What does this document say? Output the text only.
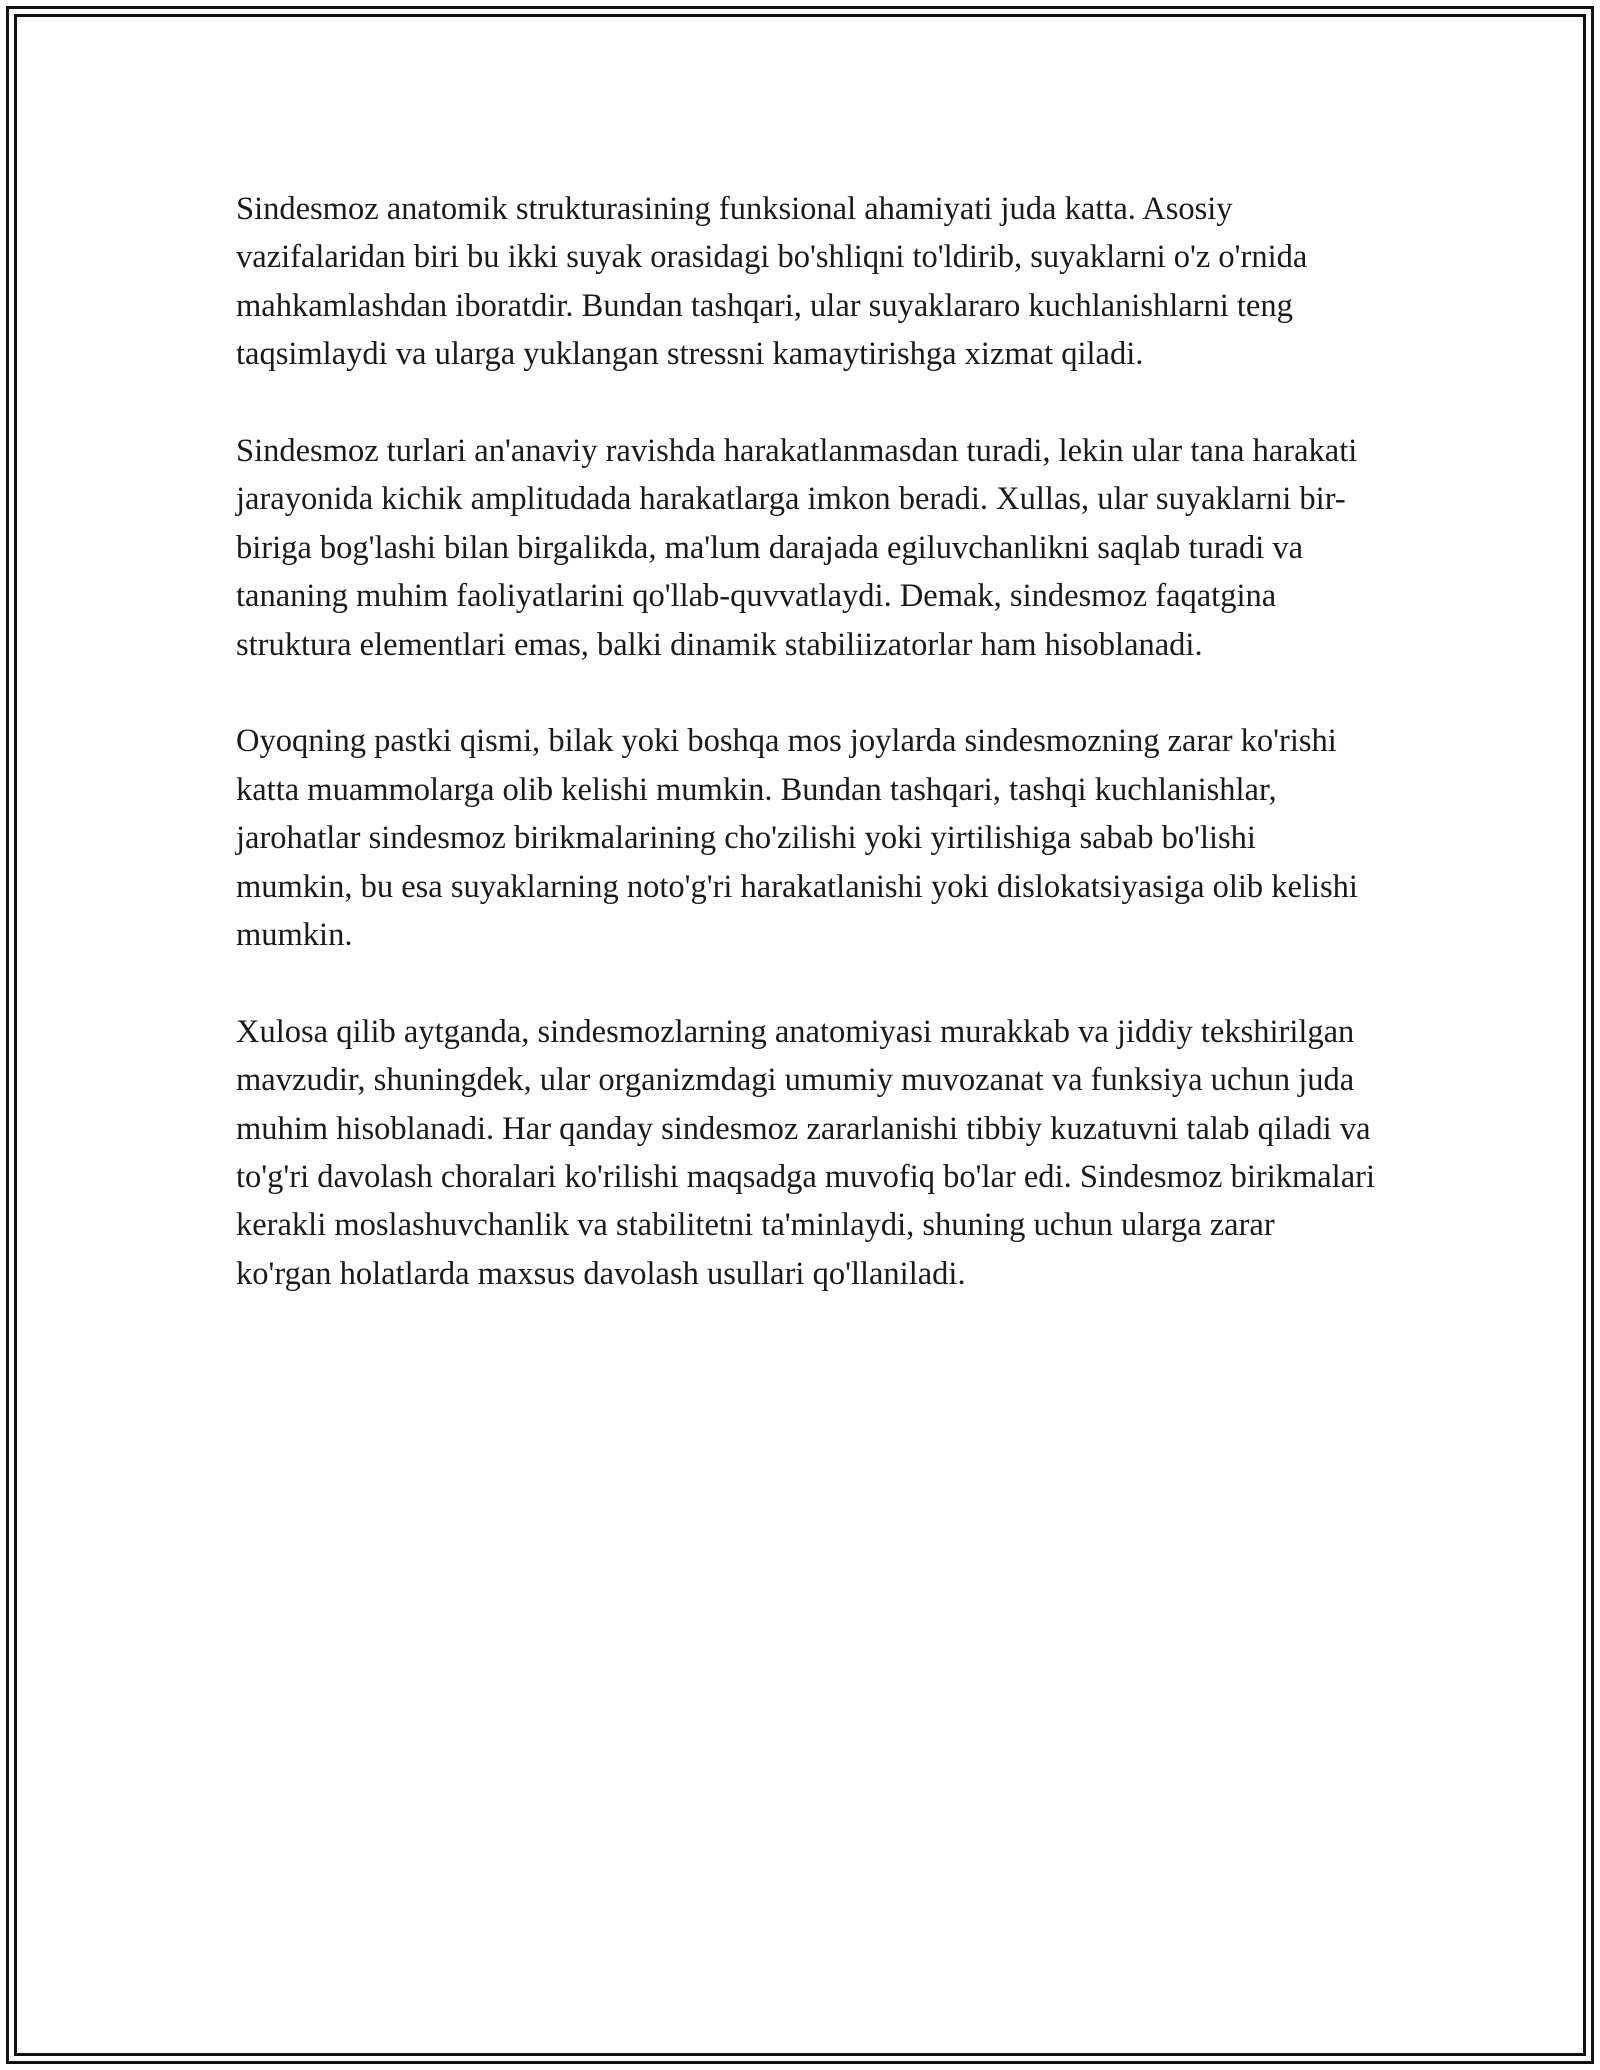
Sindesmoz anatomik strukturasining funksional ahamiyati juda katta. Asosiy vazifalaridan biri bu ikki suyak orasidagi bo'shliqni to'ldirib, suyaklarni o'z o'rnida mahkamlashdan iboratdir. Bundan tashqari, ular suyaklararo kuchlanishlarni teng taqsimlaydi va ularga yuklangan stressni kamaytirishga xizmat qiladi.

Sindesmoz turlari an'anaviy ravishda harakatlanmasdan turadi, lekin ular tana harakati jarayonida kichik amplitudada harakatlarga imkon beradi. Xullas, ular suyaklarni bir-biriga bog'lashi bilan birgalikda, ma'lum darajada egiluvchanlikni saqlab turadi va tananing muhim faoliyatlarini qo'llab-quvvatlaydi. Demak, sindesmoz faqatgina struktura elementlari emas, balki dinamik stabiliizatorlar ham hisoblanadi.

Oyoqning pastki qismi, bilak yoki boshqa mos joylarda sindesmozning zarar ko'rishi katta muammolarga olib kelishi mumkin. Bundan tashqari, tashqi kuchlanishlar, jarohatlar sindesmoz birikmalarining cho'zilishi yoki yirtilishiga sabab bo'lishi mumkin, bu esa suyaklarning noto'g'ri harakatlanishi yoki dislokatsiyasiga olib kelishi mumkin.

Xulosa qilib aytganda, sindesmozlarning anatomiyasi murakkab va jiddiy tekshirilgan mavzudir, shuningdek, ular organizmdagi umumiy muvozanat va funksiya uchun juda muhim hisoblanadi. Har qanday sindesmoz zararlanishi tibbiy kuzatuvni talab qiladi va to'g'ri davolash choralari ko'rilishi maqsadga muvofiq bo'lar edi. Sindesmoz birikmalari kerakli moslashuvchanlik va stabilitetni ta'minlaydi, shuning uchun ularga zarar ko'rgan holatlarda maxsus davolash usullari qo'llaniladi.
